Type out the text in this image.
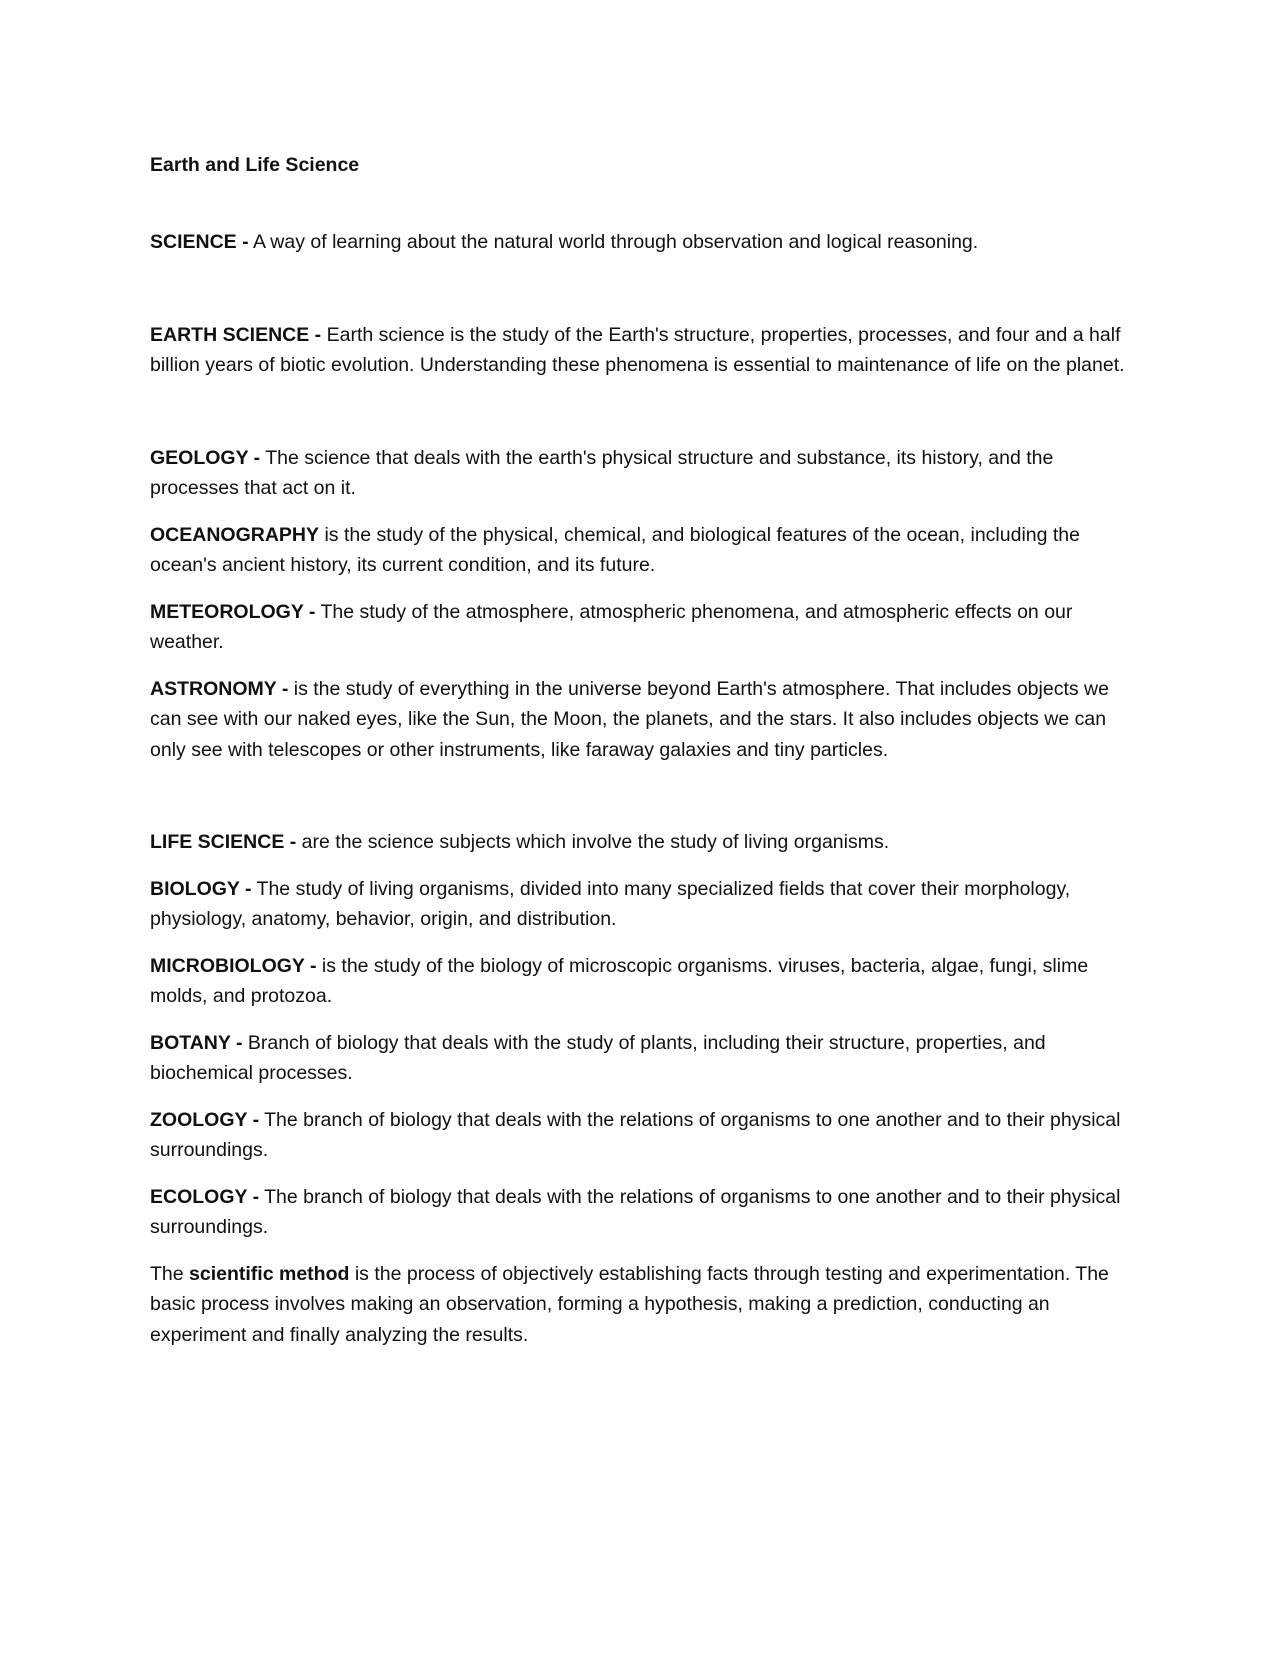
Earth and Life Science

SCIENCE - A way of learning about the natural world through observation and logical reasoning.

EARTH SCIENCE - Earth science is the study of the Earth's structure, properties, processes, and four and a half billion years of biotic evolution. Understanding these phenomena is essential to maintenance of life on the planet.

GEOLOGY - The science that deals with the earth's physical structure and substance, its history, and the processes that act on it.

OCEANOGRAPHY is the study of the physical, chemical, and biological features of the ocean, including the ocean's ancient history, its current condition, and its future.

METEOROLOGY - The study of the atmosphere, atmospheric phenomena, and atmospheric effects on our weather.

ASTRONOMY - is the study of everything in the universe beyond Earth's atmosphere. That includes objects we can see with our naked eyes, like the Sun, the Moon, the planets, and the stars. It also includes objects we can only see with telescopes or other instruments, like faraway galaxies and tiny particles.

LIFE SCIENCE - are the science subjects which involve the study of living organisms.

BIOLOGY - The study of living organisms, divided into many specialized fields that cover their morphology, physiology, anatomy, behavior, origin, and distribution.

MICROBIOLOGY - is the study of the biology of microscopic organisms. viruses, bacteria, algae, fungi, slime molds, and protozoa.

BOTANY - Branch of biology that deals with the study of plants, including their structure, properties, and biochemical processes.

ZOOLOGY - The branch of biology that deals with the relations of organisms to one another and to their physical surroundings.

ECOLOGY - The branch of biology that deals with the relations of organisms to one another and to their physical surroundings.

The scientific method is the process of objectively establishing facts through testing and experimentation. The basic process involves making an observation, forming a hypothesis, making a prediction, conducting an experiment and finally analyzing the results.
